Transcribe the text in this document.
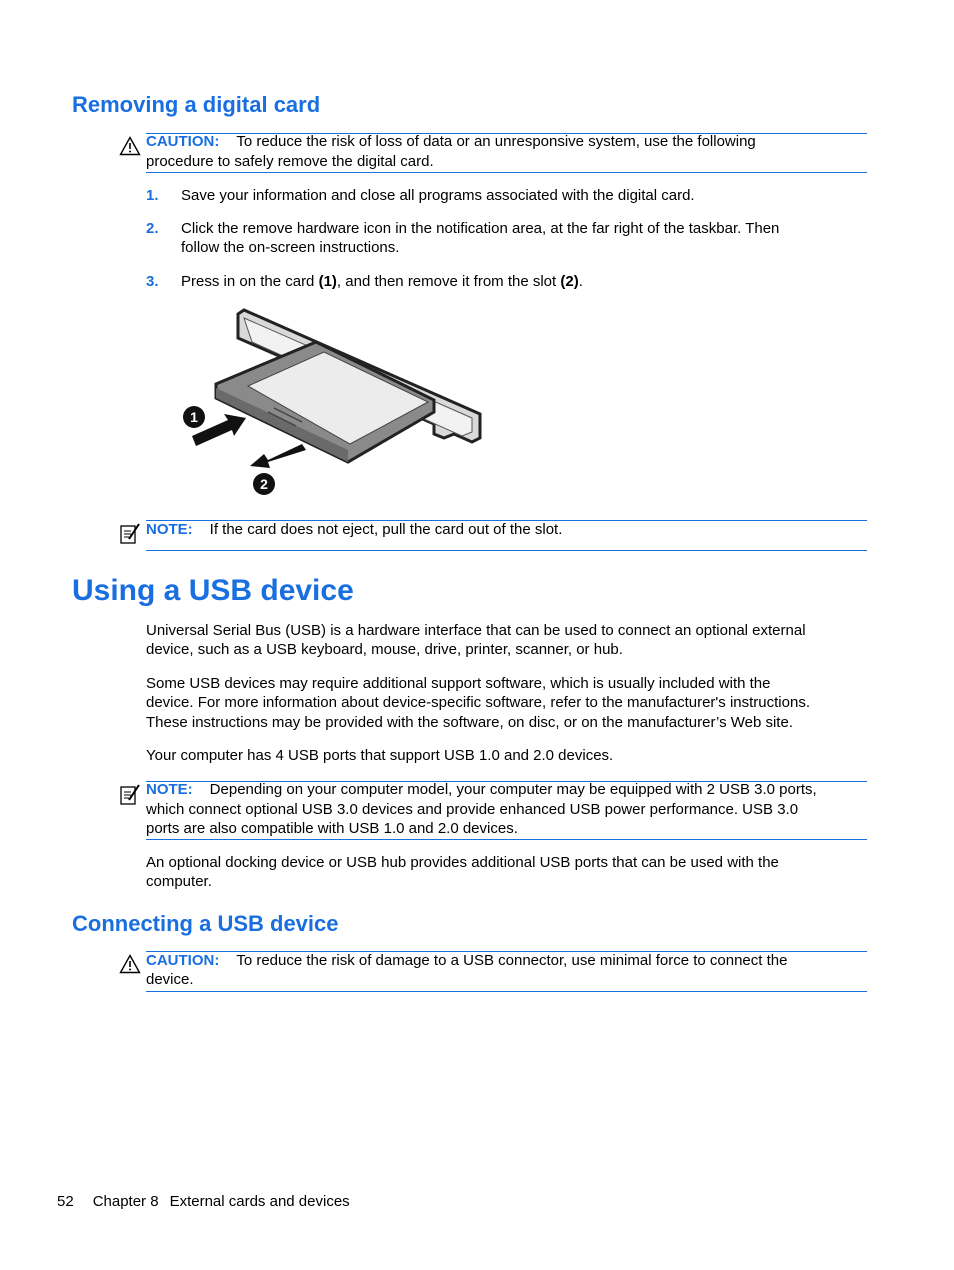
Removing a digital card
CAUTION: To reduce the risk of loss of data or an unresponsive system, use the following
procedure to safely remove the digital card.
1. Save your information and close all programs associated with the digital card.
2. Click the remove hardware icon in the notification area, at the far right of the taskbar. Then
follow the on-screen instructions.
3. Press in on the card (1), and then remove it from the slot (2).
1
2
NOTE: If the card does not eject, pull the card out of the slot.
Using a USB device
Universal Serial Bus (USB) is a hardware interface that can be used to connect an optional external
device, such as a USB keyboard, mouse, drive, printer, scanner, or hub.
Some USB devices may require additional support software, which is usually included with the
device. For more information about device-specific software, refer to the manufacturer's instructions.
These instructions may be provided with the software, on disc, or on the manufacturer’s Web site.
Your computer has 4 USB ports that support USB 1.0 and 2.0 devices.
NOTE: Depending on your computer model, your computer may be equipped with 2 USB 3.0 ports,
which connect optional USB 3.0 devices and provide enhanced USB power performance. USB 3.0
ports are also compatible with USB 1.0 and 2.0 devices.
An optional docking device or USB hub provides additional USB ports that can be used with the
computer.
Connecting a USB device
CAUTION: To reduce the risk of damage to a USB connector, use minimal force to connect the
device.
52 Chapter 8 External cards and devices
